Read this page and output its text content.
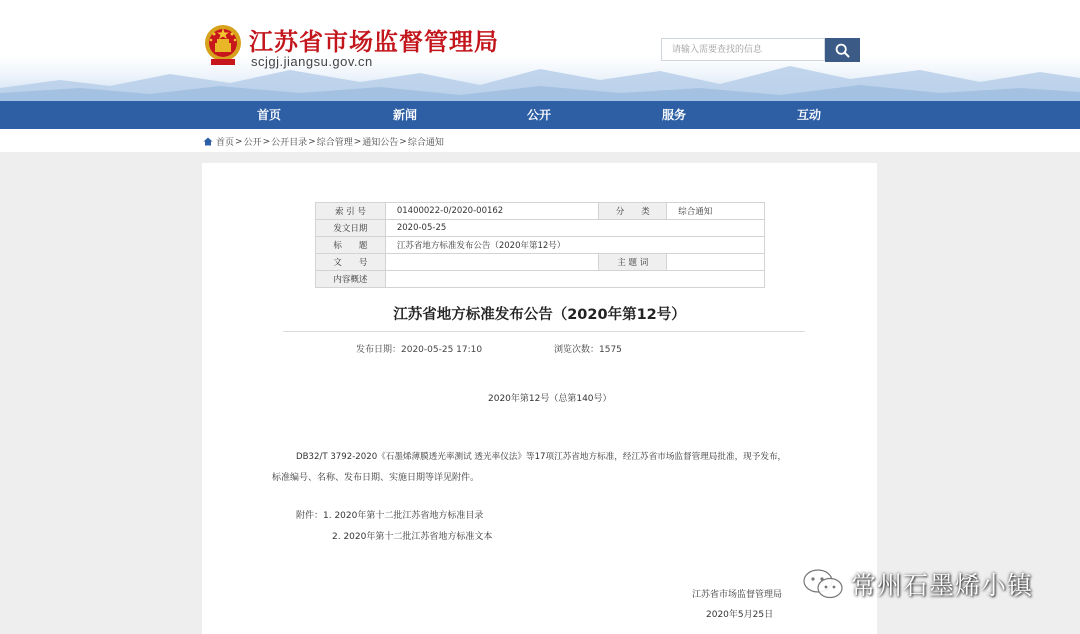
江苏省市场监督管理局
scjgj.jiangsu.gov.cn
请输入需要查找的信息
首页	新闻	公开	服务	互动
首页 > 公开 > 公开目录 > 综合管理 > 通知公告 > 综合通知
索 引 号	01400022-0/2020-00162	分　　类	综合通知
发文日期	2020-05-25		
标　　题	江苏省地方标准发布公告（2020年第12号）		
文　　号		主 题 词	
内容概述			
江苏省地方标准发布公告（2020年第12号）
发布日期：2020-05-25 17:10	浏览次数：1575
2020年第12号（总第140号）
DB32/T 3792-2020《石墨烯薄膜透光率测试 透光率仪法》等17项江苏省地方标准，经江苏省市场监督管理局批准，现予发布，
标准编号、名称、发布日期、实施日期等详见附件。
附件：1. 2020年第十二批江苏省地方标准目录
2. 2020年第十二批江苏省地方标准文本
江苏省市场监督管理局
2020年5月25日
常州石墨烯小镇
